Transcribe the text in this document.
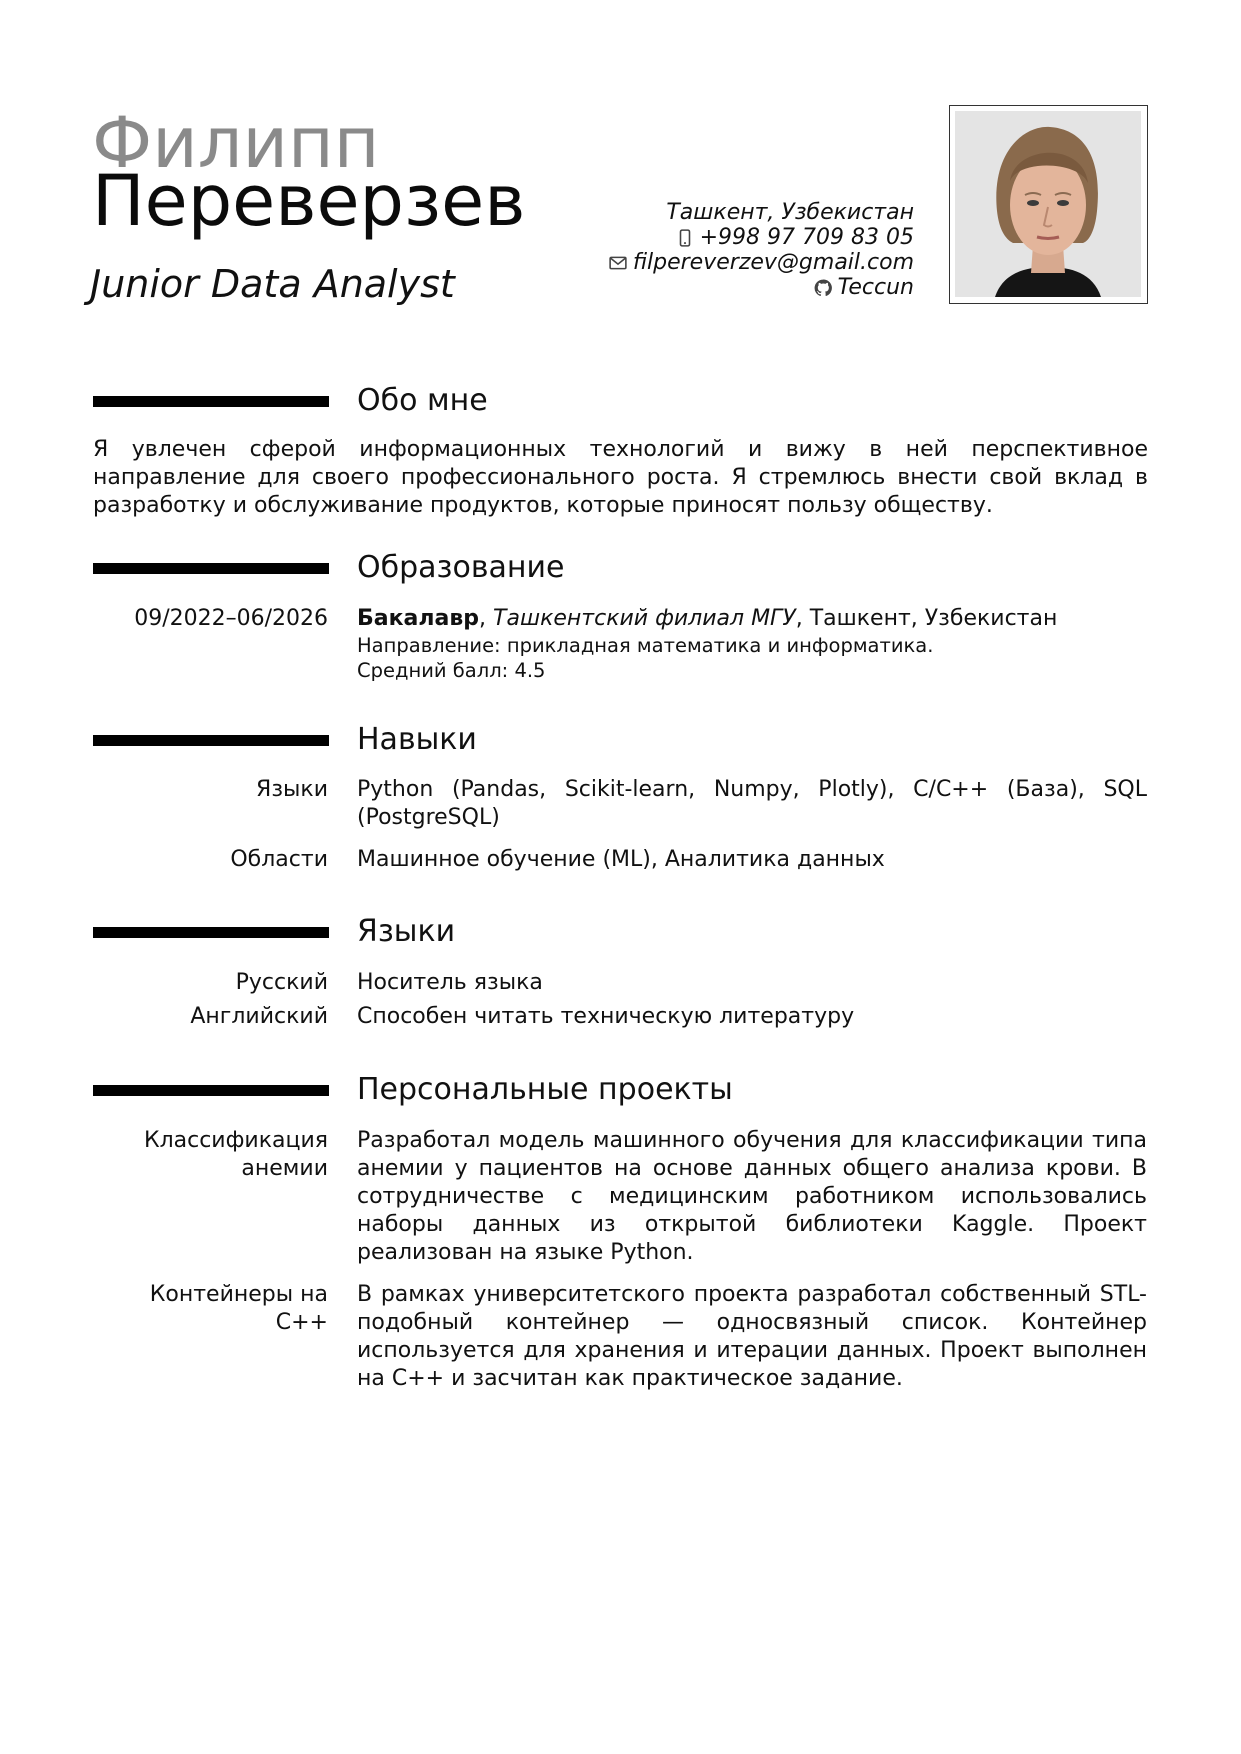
Филипп
Переверзев
Junior Data Analyst
Ташкент, Узбекистан
+998 97 709 83 05
filpereverzev@gmail.com
Teccun
Обо мне
Я увлечен сферой информационных технологий и вижу в ней перспективное направление для своего профессионального роста. Я стремлюсь внести свой вклад в разработку и обслуживание продуктов, которые приносят пользу обществу.
Образование
09/2022–06/2026 Бакалавр, Ташкентский филиал МГУ, Ташкент, Узбекистан
Направление: прикладная математика и информатика.
Средний балл: 4.5
Навыки
Языки Python (Pandas, Scikit-learn, Numpy, Plotly), C/C++ (База), SQL (PostgreSQL)
Области Машинное обучение (ML), Аналитика данных
Языки
Русский Носитель языка
Английский Способен читать техническую литературу
Персональные проекты
Классификация
анемии
Разработал модель машинного обучения для классификации типа анемии у пациентов на основе данных общего анализа крови. В сотрудничестве с медицинским работником использовались наборы данных из открытой библиотеки Kaggle. Проект реализован на языке Python.
Контейнеры на
C++
В рамках университетского проекта разработал собственный STL-подобный контейнер — односвязный список. Контейнер используется для хранения и итерации данных. Проект выполнен на C++ и засчитан как практическое задание.
